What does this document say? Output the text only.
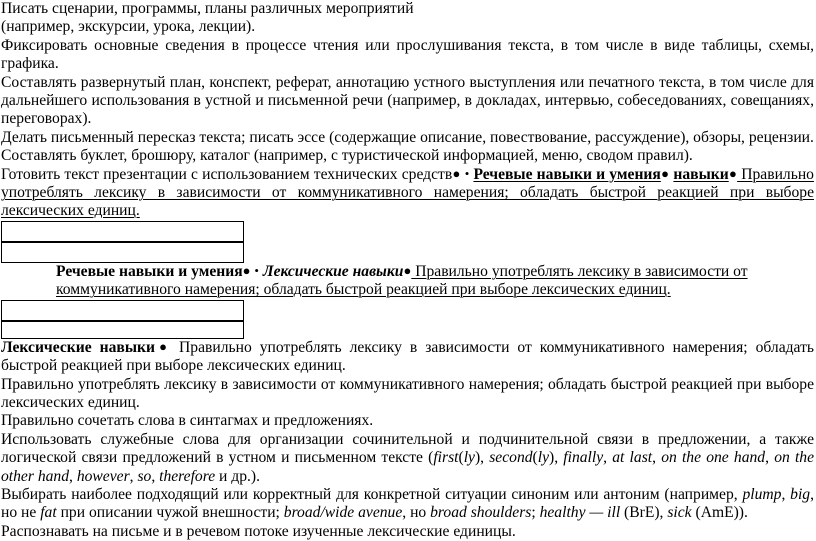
Писать сценарии, программы, планы различных мероприятий
(например, экскурсии, урока, лекции).

Фиксировать основные сведения в процессе чтения или прослушивания текста, в том числе в виде таблицы, схемы, графика.

Составлять развернутый план, конспект, реферат, аннотацию устного выступления или печатного текста, в том числе для дальнейшего использования в устной и письменной речи (например, в докладах, интервью, собеседованиях, совещаниях, переговорах).

Делать письменный пересказ текста; писать эссе (содержащие описание, повествование, рассуждение), обзоры, рецензии.

Составлять буклет, брошюру, каталог (например, с туристической информацией, меню, сводом правил).

Готовить текст презентации с использованием технических средств● • Речевые навыки и умения● навыки● Правильно употреблять лексику в зависимости от коммуникативного намерения; обладать быстрой реакцией при выборе лексических единиц.

Речевые навыки и умения● • Лексические навыки● Правильно употреблять лексику в зависимости от коммуникативного намерения; обладать быстрой реакцией при выборе лексических единиц.

Лексические навыки● Правильно употреблять лексику в зависимости от коммуникативного намерения; обладать быстрой реакцией при выборе лексических единиц.

Правильно употреблять лексику в зависимости от коммуникативного намерения; обладать быстрой реакцией при выборе лексических единиц.

Правильно сочетать слова в синтагмах и предложениях.

Использовать служебные слова для организации сочинительной и подчинительной связи в предложении, а также логической связи предложений в устном и письменном тексте (first(ly), second(ly), finally, at last, on the one hand, on the other hand, however, so, therefore и др.).

Выбирать наиболее подходящий или корректный для конкретной ситуации синоним или антоним (например, plump, big, но не fat при описании чужой внешности; broad/wide avenue, но broad shoulders; healthy — ill (BrE), sick (AmE)).

Распознавать на письме и в речевом потоке изученные лексические единицы.
